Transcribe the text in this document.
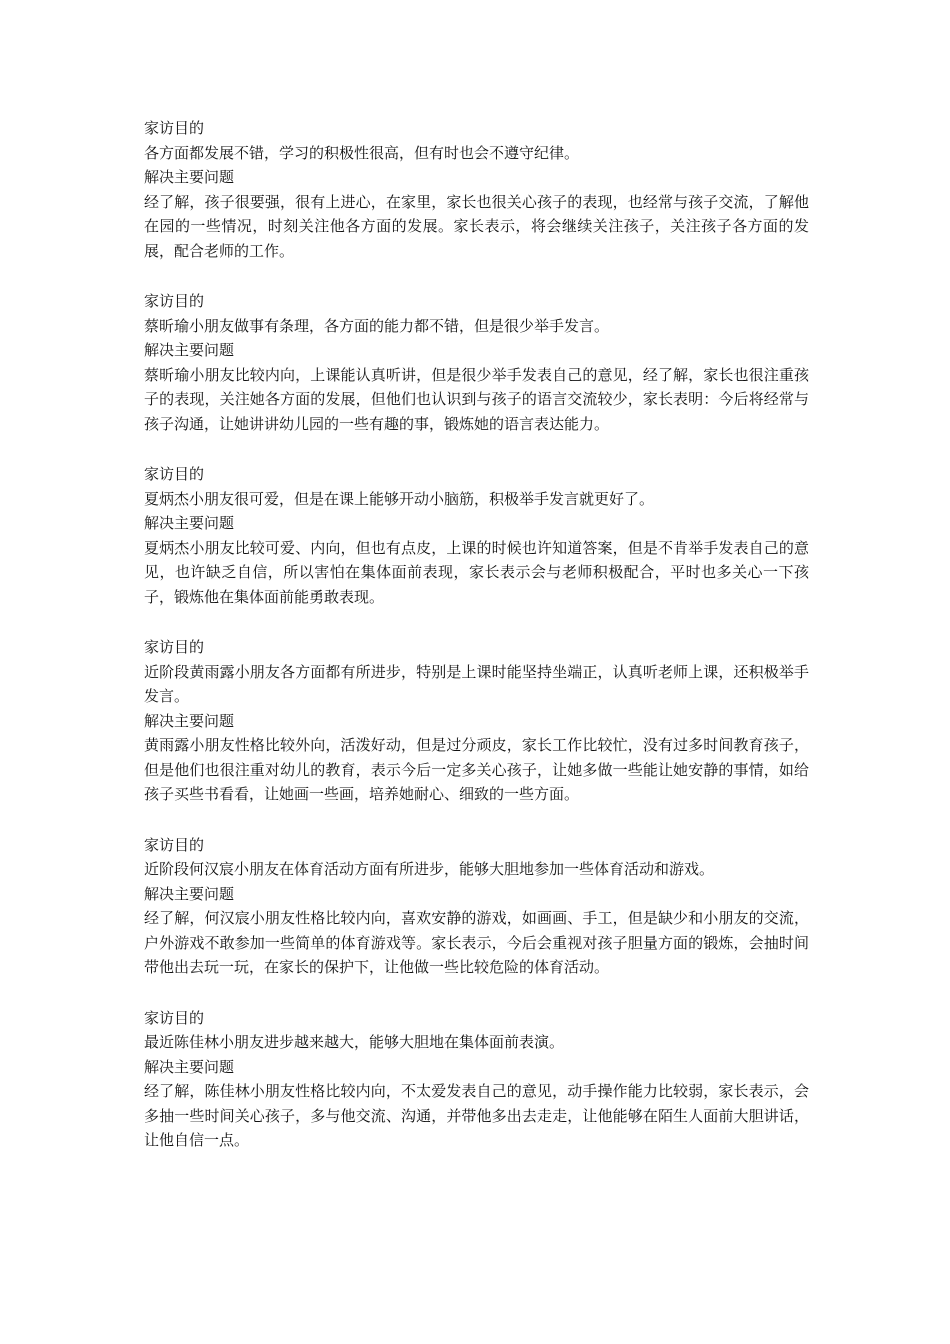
家访目的

各方面都发展不错，学习的积极性很高，但有时也会不遵守纪律。

解决主要问题

经了解，孩子很要强，很有上进心，在家里，家长也很关心孩子的表现，也经常与孩子交流，了解他在园的一些情况，时刻关注他各方面的发展。家长表示，将会继续关注孩子，关注孩子各方面的发展，配合老师的工作。

家访目的

蔡昕瑜小朋友做事有条理，各方面的能力都不错，但是很少举手发言。

解决主要问题

蔡昕瑜小朋友比较内向，上课能认真听讲，但是很少举手发表自己的意见，经了解，家长也很注重孩子的表现，关注她各方面的发展，但他们也认识到与孩子的语言交流较少，家长表明：今后将经常与孩子沟通，让她讲讲幼儿园的一些有趣的事，锻炼她的语言表达能力。

家访目的

夏炳杰小朋友很可爱，但是在课上能够开动小脑筋，积极举手发言就更好了。

解决主要问题

夏炳杰小朋友比较可爱、内向，但也有点皮，上课的时候也许知道答案，但是不肯举手发表自己的意见，也许缺乏自信，所以害怕在集体面前表现，家长表示会与老师积极配合，平时也多关心一下孩子，锻炼他在集体面前能勇敢表现。

家访目的

近阶段黄雨露小朋友各方面都有所进步，特别是上课时能坚持坐端正，认真听老师上课，还积极举手发言。

解决主要问题

黄雨露小朋友性格比较外向，活泼好动，但是过分顽皮，家长工作比较忙，没有过多时间教育孩子，但是他们也很注重对幼儿的教育，表示今后一定多关心孩子，让她多做一些能让她安静的事情，如给孩子买些书看看，让她画一些画，培养她耐心、细致的一些方面。

家访目的

近阶段何汉宸小朋友在体育活动方面有所进步，能够大胆地参加一些体育活动和游戏。

解决主要问题

经了解，何汉宸小朋友性格比较内向，喜欢安静的游戏，如画画、手工，但是缺少和小朋友的交流，户外游戏不敢参加一些简单的体育游戏等。家长表示，今后会重视对孩子胆量方面的锻炼，会抽时间带他出去玩一玩，在家长的保护下，让他做一些比较危险的体育活动。

家访目的

最近陈佳林小朋友进步越来越大，能够大胆地在集体面前表演。

解决主要问题

经了解，陈佳林小朋友性格比较内向，不太爱发表自己的意见，动手操作能力比较弱，家长表示，会多抽一些时间关心孩子，多与他交流、沟通，并带他多出去走走，让他能够在陌生人面前大胆讲话，让他自信一点。
